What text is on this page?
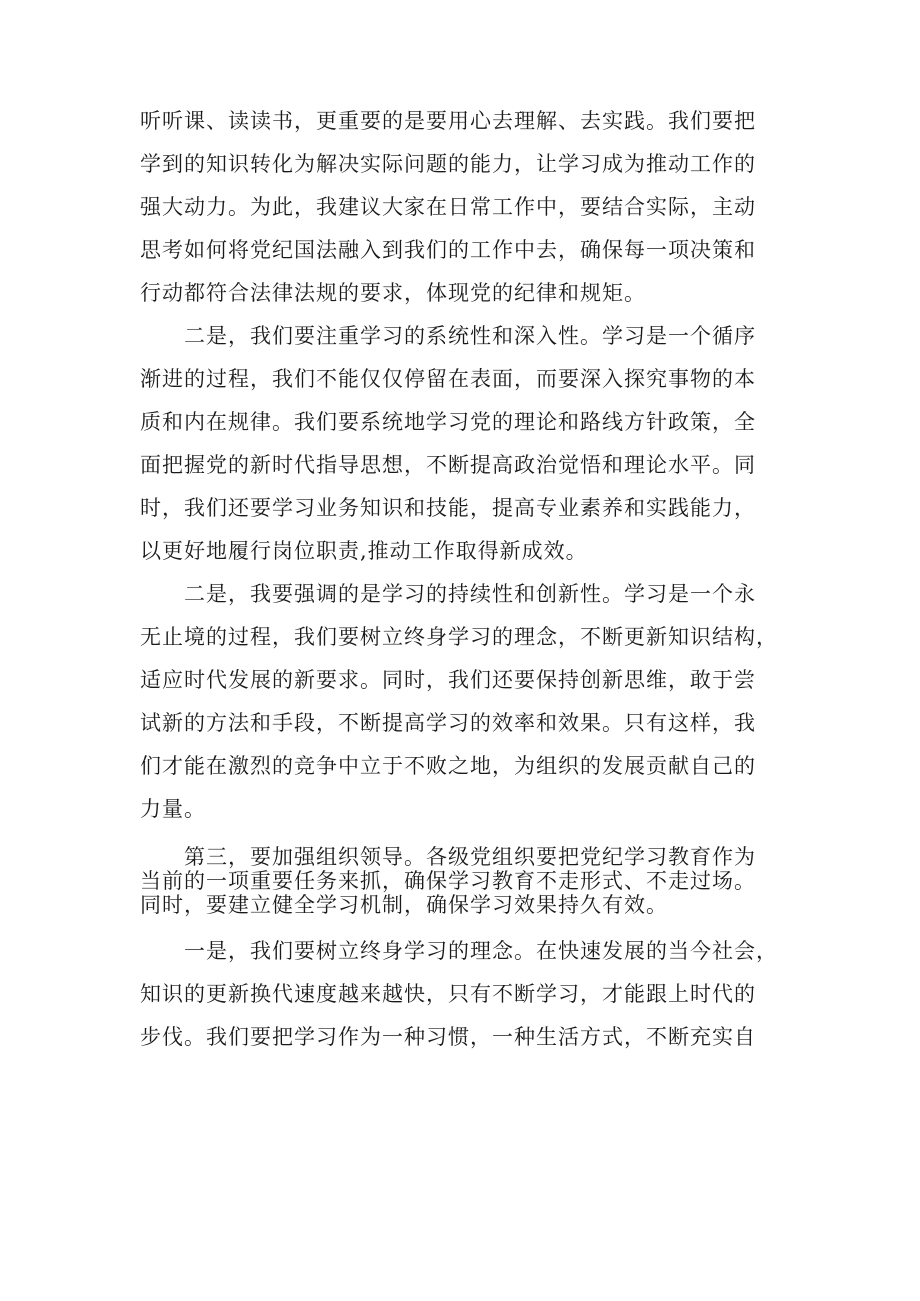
听听课、读读书，更重要的是要用心去理解、去实践。我们要把
学到的知识转化为解决实际问题的能力，让学习成为推动工作的
强大动力。为此，我建议大家在日常工作中，要结合实际，主动
思考如何将党纪国法融入到我们的工作中去，确保每一项决策和
行动都符合法律法规的要求，体现党的纪律和规矩。
二是，我们要注重学习的系统性和深入性。学习是一个循序
渐进的过程，我们不能仅仅停留在表面，而要深入探究事物的本
质和内在规律。我们要系统地学习党的理论和路线方针政策，全
面把握党的新时代指导思想，不断提高政治觉悟和理论水平。同
时，我们还要学习业务知识和技能，提高专业素养和实践能力，
以更好地履行岗位职责,推动工作取得新成效。
二是，我要强调的是学习的持续性和创新性。学习是一个永
无止境的过程，我们要树立终身学习的理念，不断更新知识结构，
适应时代发展的新要求。同时，我们还要保持创新思维，敢于尝
试新的方法和手段，不断提高学习的效率和效果。只有这样，我
们才能在激烈的竞争中立于不败之地，为组织的发展贡献自己的
力量。
第三，要加强组织领导。各级党组织要把党纪学习教育作为
当前的一项重要任务来抓，确保学习教育不走形式、不走过场。
同时，要建立健全学习机制，确保学习效果持久有效。
一是，我们要树立终身学习的理念。在快速发展的当今社会，
知识的更新换代速度越来越快，只有不断学习，才能跟上时代的
步伐。我们要把学习作为一种习惯，一种生活方式，不断充实自
